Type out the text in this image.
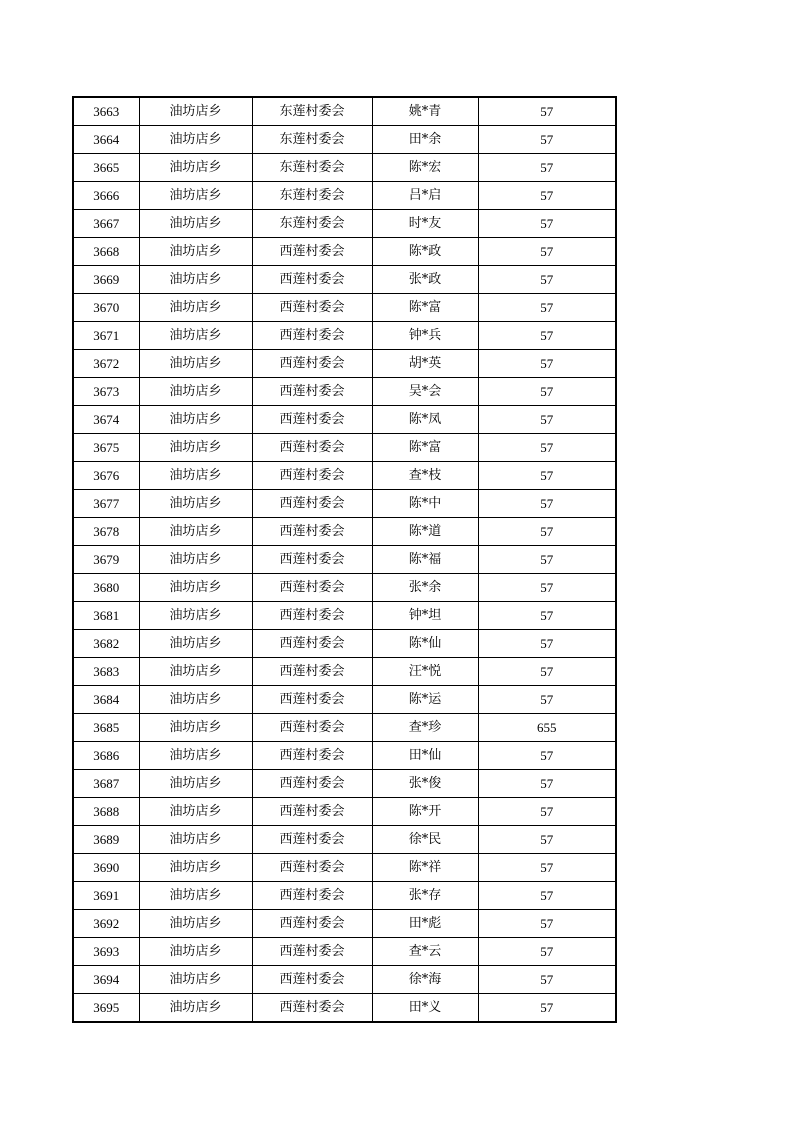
3663	油坊店乡	东莲村委会	姚*青	57
3664	油坊店乡	东莲村委会	田*余	57
3665	油坊店乡	东莲村委会	陈*宏	57
3666	油坊店乡	东莲村委会	吕*启	57
3667	油坊店乡	东莲村委会	时*友	57
3668	油坊店乡	西莲村委会	陈*政	57
3669	油坊店乡	西莲村委会	张*政	57
3670	油坊店乡	西莲村委会	陈*富	57
3671	油坊店乡	西莲村委会	钟*兵	57
3672	油坊店乡	西莲村委会	胡*英	57
3673	油坊店乡	西莲村委会	吴*会	57
3674	油坊店乡	西莲村委会	陈*凤	57
3675	油坊店乡	西莲村委会	陈*富	57
3676	油坊店乡	西莲村委会	查*枝	57
3677	油坊店乡	西莲村委会	陈*中	57
3678	油坊店乡	西莲村委会	陈*道	57
3679	油坊店乡	西莲村委会	陈*福	57
3680	油坊店乡	西莲村委会	张*余	57
3681	油坊店乡	西莲村委会	钟*坦	57
3682	油坊店乡	西莲村委会	陈*仙	57
3683	油坊店乡	西莲村委会	汪*悦	57
3684	油坊店乡	西莲村委会	陈*运	57
3685	油坊店乡	西莲村委会	查*珍	655
3686	油坊店乡	西莲村委会	田*仙	57
3687	油坊店乡	西莲村委会	张*俊	57
3688	油坊店乡	西莲村委会	陈*开	57
3689	油坊店乡	西莲村委会	徐*民	57
3690	油坊店乡	西莲村委会	陈*祥	57
3691	油坊店乡	西莲村委会	张*存	57
3692	油坊店乡	西莲村委会	田*彪	57
3693	油坊店乡	西莲村委会	查*云	57
3694	油坊店乡	西莲村委会	徐*海	57
3695	油坊店乡	西莲村委会	田*义	57
